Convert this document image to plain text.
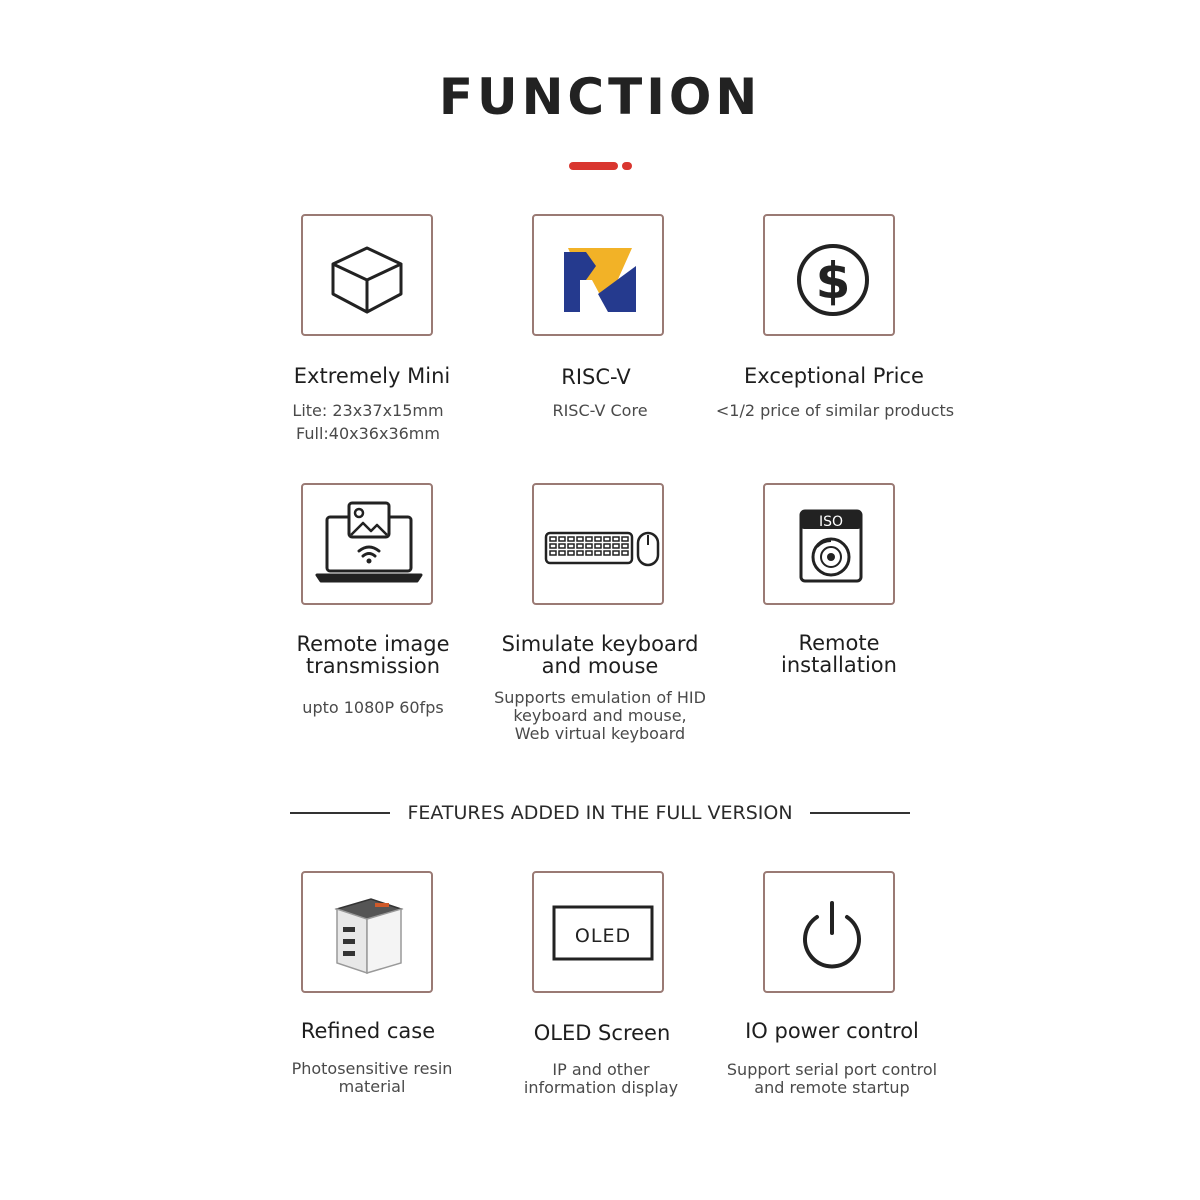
FUNCTION
Extremely Mini
Lite: 23x37x15mm
Full:40x36x36mm
RISC-V
RISC-V Core
$
Exceptional Price
<1/2 price of similar products
Remote image
transmission
upto 1080P 60fps
Simulate keyboard
and mouse
Supports emulation of HID
keyboard and mouse,
Web virtual keyboard
ISO
Remote
installation
FEATURES ADDED IN THE FULL VERSION
Refined case
Photosensitive resin
material
OLED
OLED Screen
IP and other
information display
IO power control
Support serial port control
and remote startup
